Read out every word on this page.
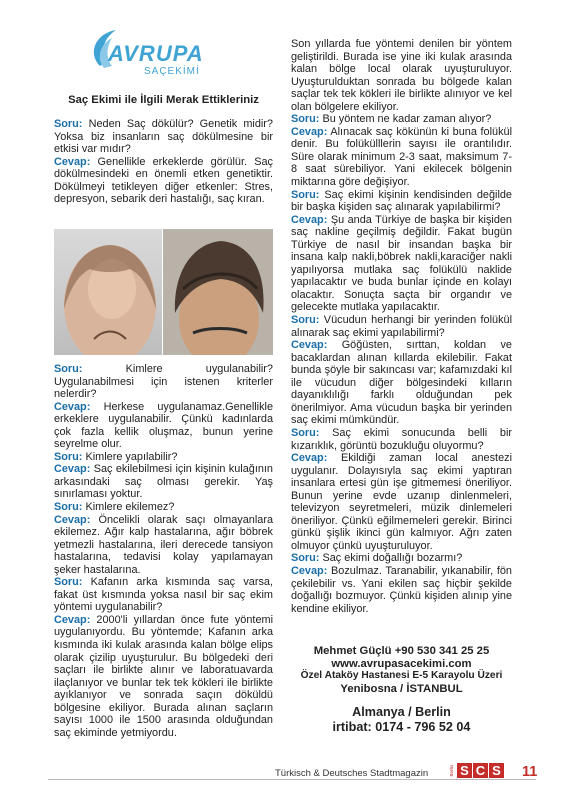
AVRUPA
SAÇEKİMİ
Saç Ekimi ile İlgili Merak Ettikleriniz
Soru: Neden Saç dökülür? Genetik midir? Yoksa biz insanların saç dökülmesine bir etkisi var mıdır?
Cevap: Genellikle erkeklerde görülür. Saç dökülmesindeki en önemli etken genetiktir. Dökülmeyi tetikleyen diğer etkenler: Stres, depresyon, sebarik deri hastalığı, saç kıran.
Soru: Kimlere uygulanabilir? Uygulanabilmesi için istenen kriterler nelerdir?
Cevap: Herkese uygulanamaz.Genellikle erkeklere uygulanabilir. Çünkü kadınlarda çok fazla kellik oluşmaz, bunun yerine seyrelme olur.
Soru: Kimlere yapılabilir?
Cevap: Saç ekilebilmesi için kişinin kulağının arkasındaki saç olması gerekir. Yaş sınırlaması yoktur.
Soru: Kimlere ekilemez?
Cevap: Öncelikli olarak saçı olmayanlara ekilemez. Ağır kalp hastalarına, ağır böbrek yetmezli hastalarına, ileri derecede tansiyon hastalarına, tedavisi kolay yapılamayan şeker hastalarına.
Soru: Kafanın arka kısmında saç varsa, fakat üst kısmında yoksa nasıl bir saç ekim yöntemi uygulanabilir?
Cevap: 2000'li yıllardan önce fute yöntemi uygulanıyordu. Bu yöntemde; Kafanın arka kısmında iki kulak arasında kalan bölge elips olarak çizilip uyuşturulur. Bu bölgedeki deri saçları ile birlikte alınır ve laboratuavarda ilaçlanıyor ve bunlar tek tek kökleri ile birlikte ayıklanıyor ve sonrada saçın döküldü bölgesine ekiliyor. Burada alınan saçların sayısı 1000 ile 1500 arasında olduğundan saç ekiminde yetmiyordu.
Son yıllarda fue yöntemi denilen bir yöntem geliştirildi. Burada ise yine iki kulak arasında kalan bölge local olarak uyuşturuluyor. Uyuşturulduktan sonrada bu bölgede kalan saçlar tek tek kökleri ile birlikte alınıyor ve kel olan bölgelere ekiliyor.
Soru: Bu yöntem ne kadar zaman alıyor?
Cevap: Alınacak saç kökünün ki buna folükül denir. Bu folükülllerin sayısı ile orantılıdır. Süre olarak minimum 2-3 saat, maksimum 7-8 saat sürebiliyor. Yani ekilecek bölgenin miktarına göre değişiyor.
Soru: Saç ekimi kişinin kendisinden değilde bir başka kişiden saç alınarak yapılabilirmi?
Cevap: Şu anda Türkiye de başka bir kişiden saç nakline geçilmiş değildir. Fakat bugün Türkiye de nasıl bir insandan başka bir insana kalp nakli,böbrek nakli,karaciğer nakli yapılıyorsa mutlaka saç folükülü naklide yapılacaktır ve buda bunlar içinde en kolayı olacaktır. Sonuçta saçta bir organdır ve gelecekte mutlaka yapılacaktır.
Soru: Vücudun herhangi bir yerinden folükül alınarak saç ekimi yapılabilirmi?
Cevap: Göğüsten, sırttan, koldan ve bacaklardan alınan kıllarda ekilebilir. Fakat bunda şöyle bir sakıncası var; kafamızdaki kıl ile vücudun diğer bölgesindeki kılların dayanıklılığı farklı olduğundan pek önerilmiyor. Ama vücudun başka bir yerinden saç ekimi mümkündür.
Soru: Saç ekimi sonucunda belli bir kızarıklık, görüntü bozukluğu oluyormu?
Cevap: Ekildiği zaman local anestezi uygulanır. Dolayısıyla saç ekimi yaptıran insanlara ertesi gün işe gitmemesi öneriliyor. Bunun yerine evde uzanıp dinlenmeleri, televizyon seyretmeleri, müzik dinlemeleri öneriliyor. Çünkü eğilmemeleri gerekir. Birinci günkü şişlik ikinci gün kalmıyor. Ağrı zaten olmuyor çünkü uyuşturuluyor.
Soru: Saç ekimi doğallığı bozarmı?
Cevap: Bozulmaz. Taranabilir, yıkanabilir, fön çekilebilir vs. Yani ekilen saç hiçbir şekilde doğallığı bozmuyor. Çünkü kişiden alınıp yine kendine ekiliyor.
Mehmet Güçlü +90 530 341 25 25
www.avrupasacekimi.com
Özel Ataköy Hastanesi E-5 Karayolu Üzeri
Yenibosna / İSTANBUL
Almanya / Berlin
irtibat: 0174 - 796 52 04
Türkisch & Deutsches Stadtmagazin	Berlin S C S 11
